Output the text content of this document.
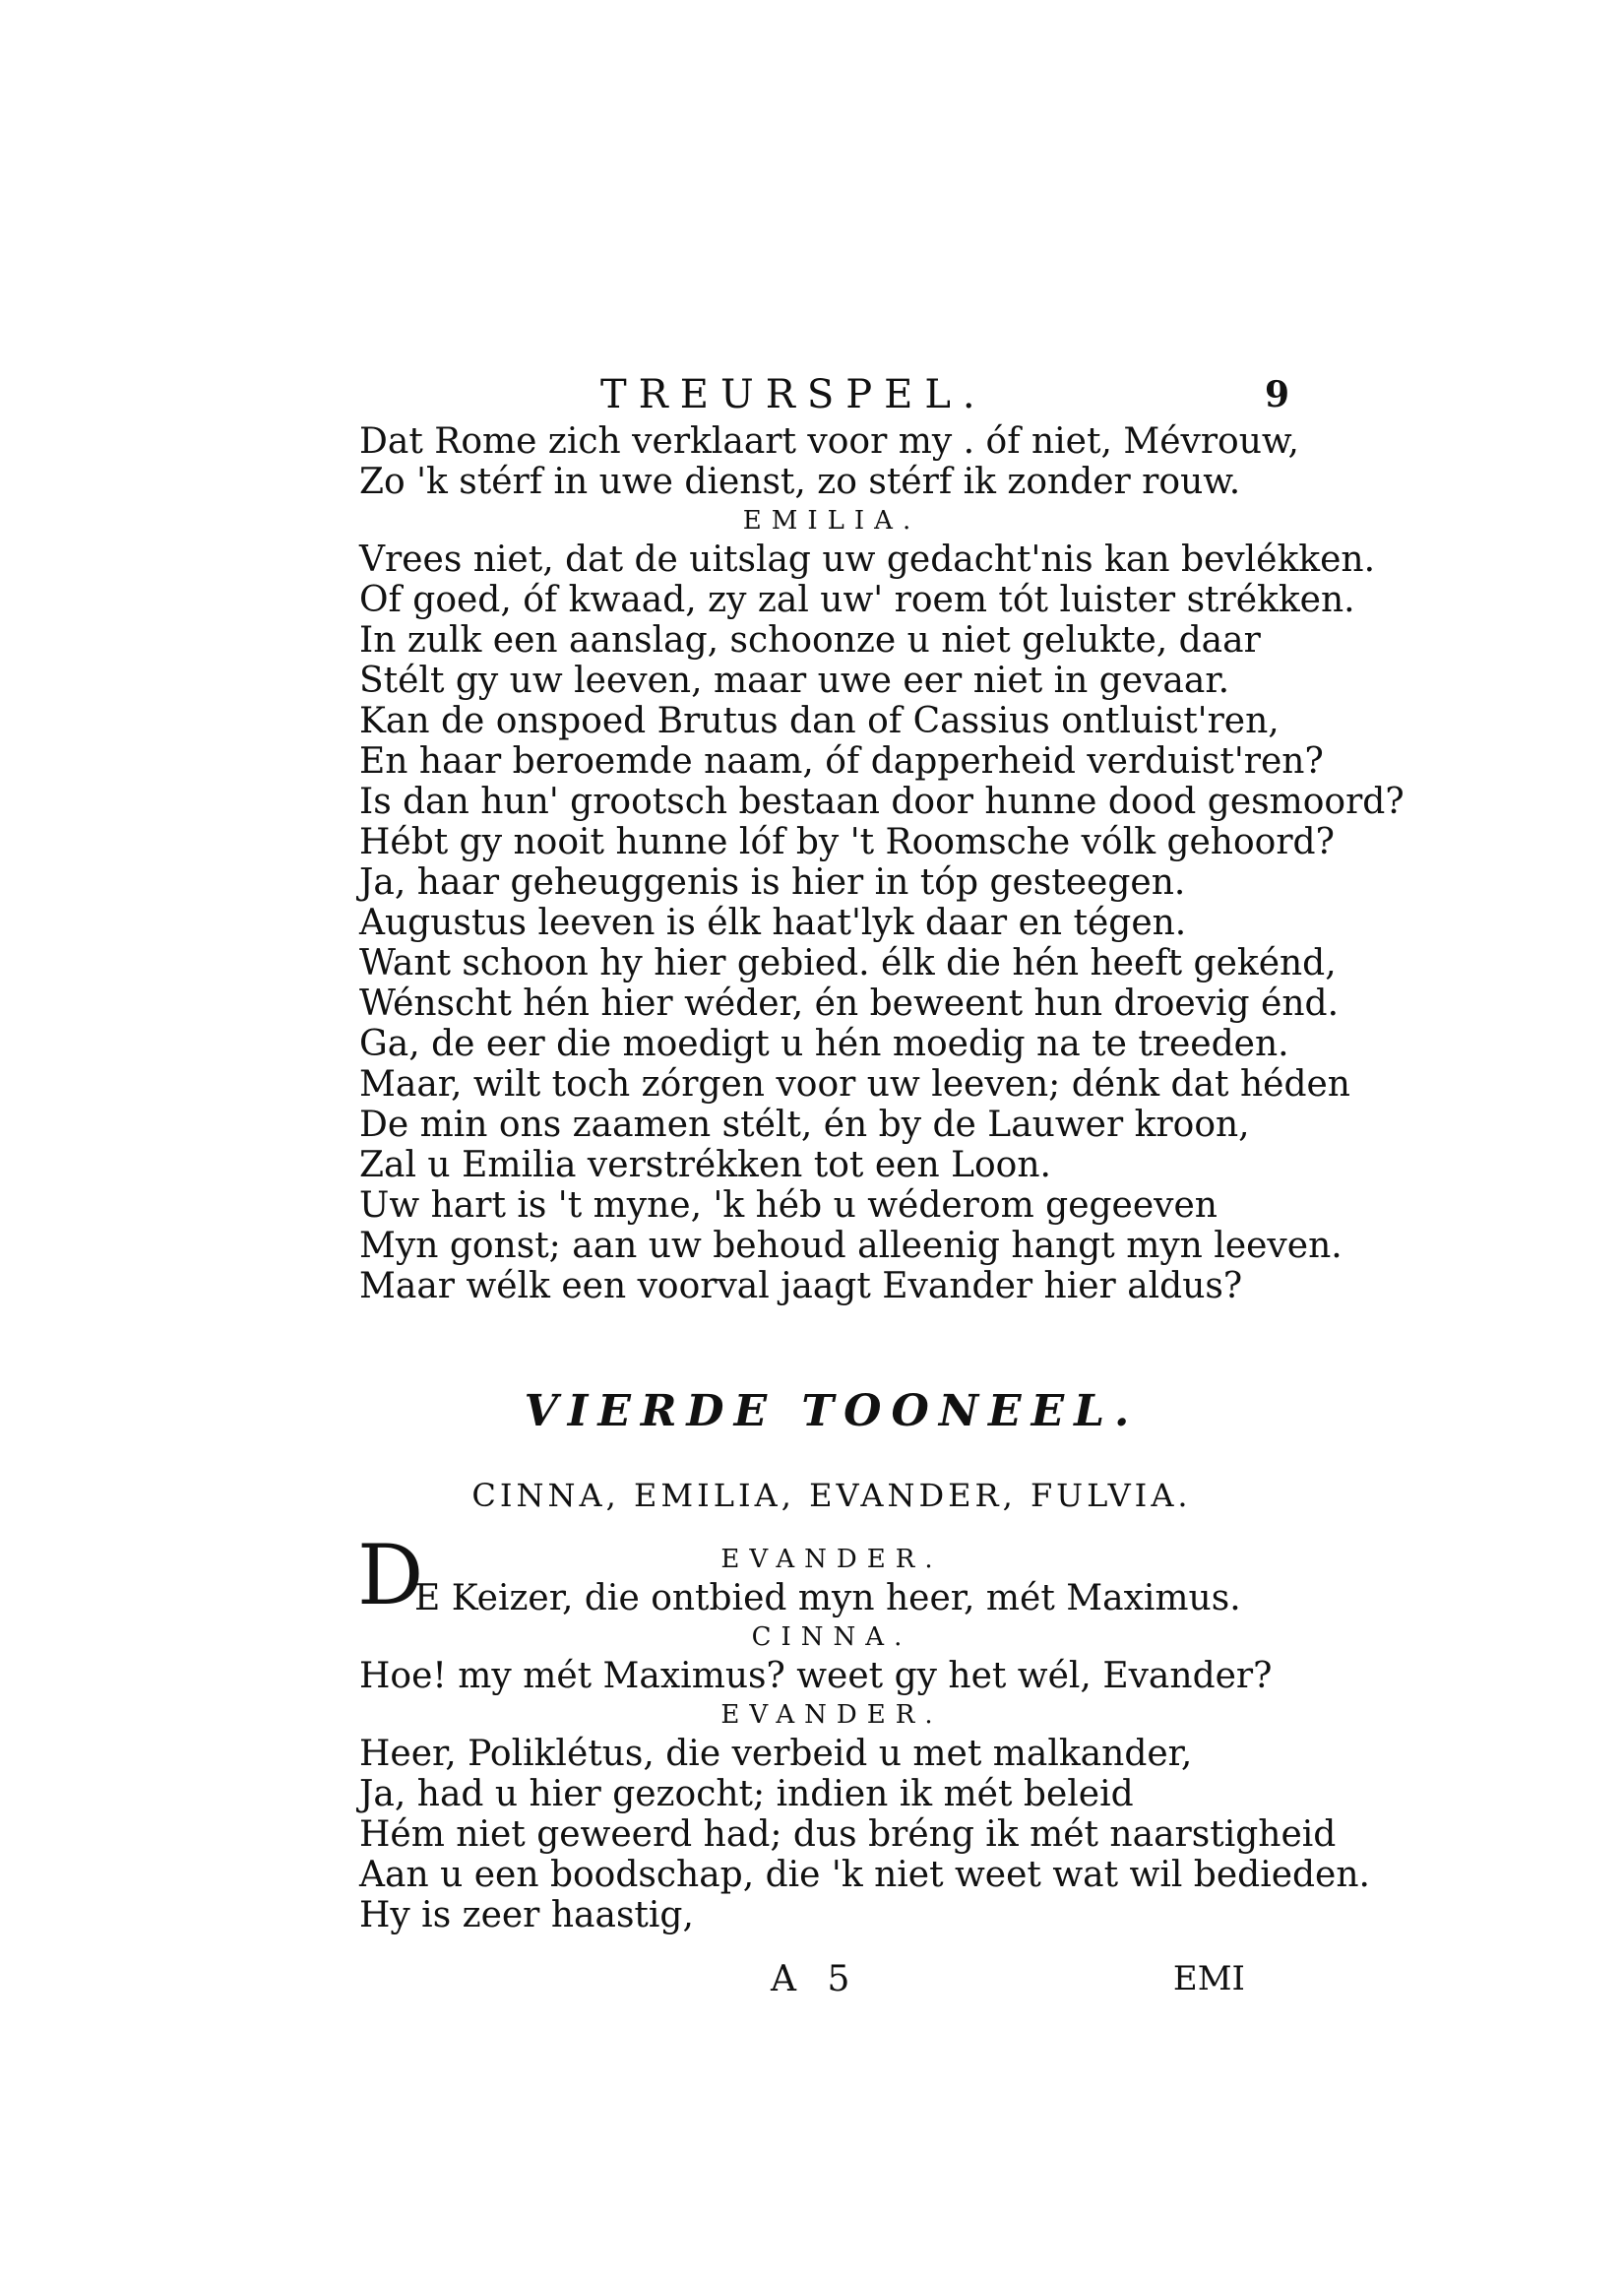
TREURSPEL.	9
Dat Rome zich verklaart voor my . óf niet, Mévrouw,
Zo 'k stérf in uwe dienst, zo stérf ik zonder rouw.
EMILIA.
Vrees niet, dat de uitslag uw gedacht'nis kan bevlékken.
Of goed, óf kwaad, zy zal uw' roem tót luister strékken.
In zulk een aanslag, schoonze u niet gelukte, daar
Stélt gy uw leeven, maar uwe eer niet in gevaar.
Kan de onspoed Brutus dan of Cassius ontluist'ren,
En haar beroemde naam, óf dapperheid verduist'ren?
Is dan hun' grootsch bestaan door hunne dood gesmoord?
Hébt gy nooit hunne lóf by 't Roomsche vólk gehoord?
Ja, haar geheuggenis is hier in tóp gesteegen.
Augustus leeven is élk haat'lyk daar en tégen.
Want schoon hy hier gebied. élk die hén heeft gekénd,
Wénscht hén hier wéder, én beweent hun droevig énd.
Ga, de eer die moedigt u hén moedig na te treeden.
Maar, wilt toch zórgen voor uw leeven; dénk dat héden
De min ons zaamen stélt, én by de Lauwer kroon,
Zal u Emilia verstrékken tot een Loon.
Uw hart is 't myne, 'k héb u wéderom gegeeven
Myn gonst; aan uw behoud alleenig hangt myn leeven.
Maar wélk een voorval jaagt Evander hier aldus?
VIERDE TOONEEL.
CINNA, EMILIA, EVANDER, FULVIA.
EVANDER.
D
E Keizer, die ontbied myn heer, mét Maximus.
CINNA.
Hoe! my mét Maximus? weet gy het wél, Evander?
EVANDER.
Heer, Poliklétus, die verbeid u met malkander,
Ja, had u hier gezocht; indien ik mét beleid
Hém niet geweerd had; dus bréng ik mét naarstigheid
Aan u een boodschap, die 'k niet weet wat wil bedieden.
Hy is zeer haastig,
A 5	EMI
